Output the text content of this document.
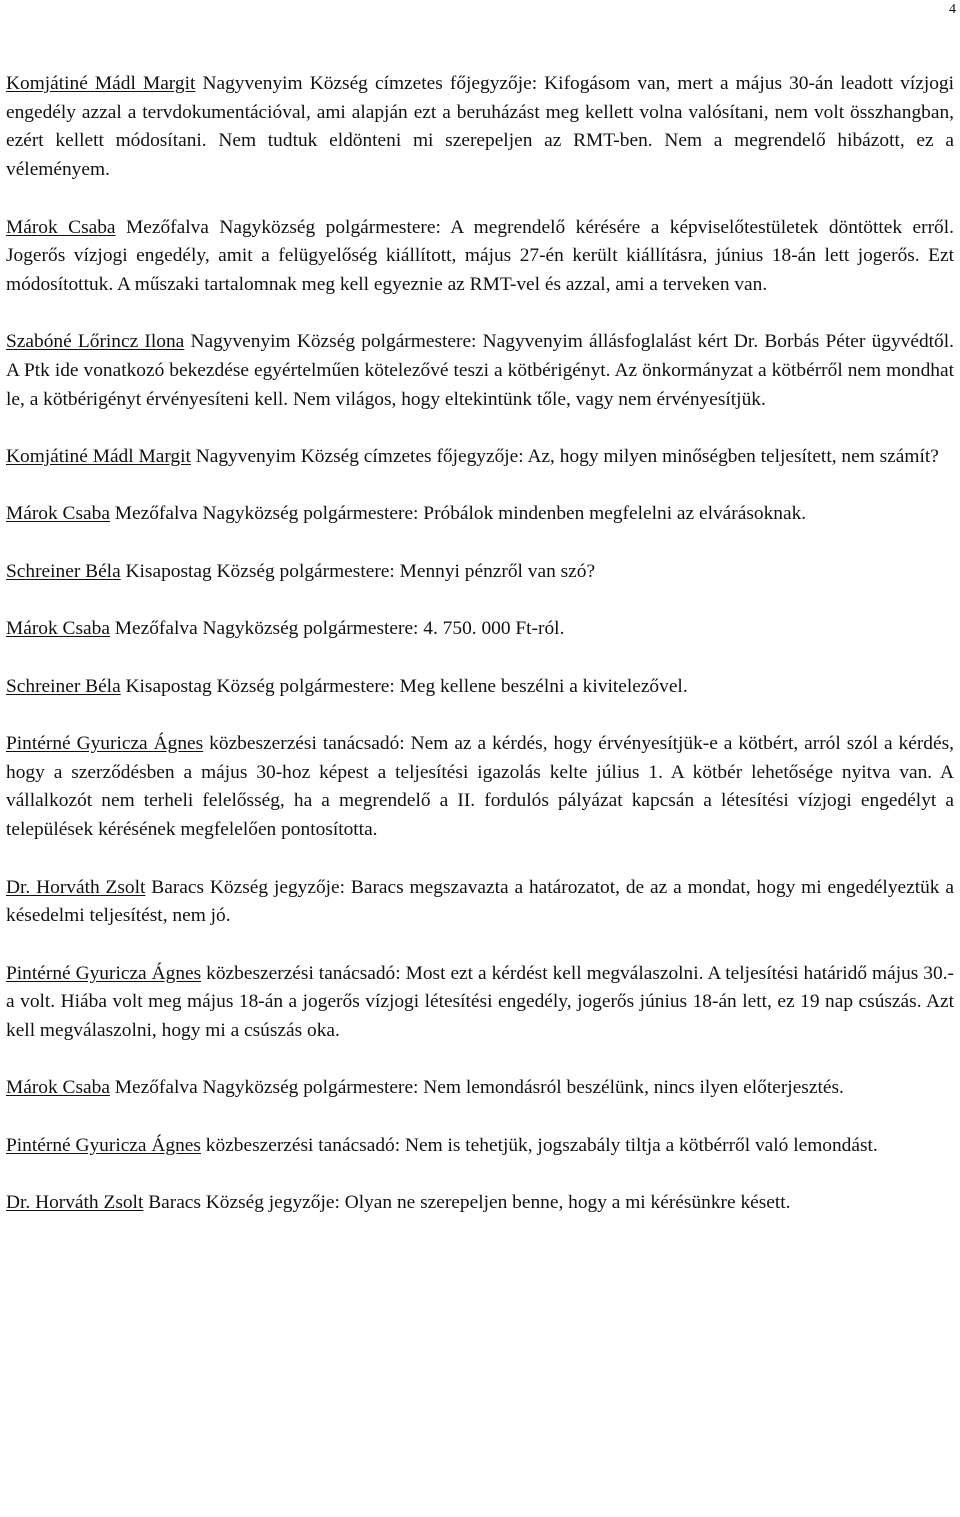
4

Komjátiné Mádl Margit Nagyvenyim Község címzetes főjegyzője: Kifogásom van, mert a május 30-án leadott vízjogi engedély azzal a tervdokumentációval, ami alapján ezt a beruházást meg kellett volna valósítani, nem volt összhangban, ezért kellett módosítani. Nem tudtuk eldönteni mi szerepeljen az RMT-ben. Nem a megrendelő hibázott, ez a véleményem.

Márok Csaba Mezőfalva Nagyközség polgármestere: A megrendelő kérésére a képviselőtestületek döntöttek erről. Jogerős vízjogi engedély, amit a felügyelőség kiállított, május 27-én került kiállításra, június 18-án lett jogerős. Ezt módosítottuk. A műszaki tartalomnak meg kell egyeznie az RMT-vel és azzal, ami a terveken van.

Szabóné Lőrincz Ilona Nagyvenyim Község polgármestere: Nagyvenyim állásfoglalást kért Dr. Borbás Péter ügyvédtől. A Ptk ide vonatkozó bekezdése egyértelműen kötelezővé teszi a kötbérigényt. Az önkormányzat a kötbérről nem mondhat le, a kötbérigényt érvényesíteni kell. Nem világos, hogy eltekintünk tőle, vagy nem érvényesítjük.

Komjátiné Mádl Margit Nagyvenyim Község címzetes főjegyzője: Az, hogy milyen minőségben teljesített, nem számít?

Márok Csaba Mezőfalva Nagyközség polgármestere: Próbálok mindenben megfelelni az elvárásoknak.

Schreiner Béla Kisapostag Község polgármestere: Mennyi pénzről van szó?

Márok Csaba Mezőfalva Nagyközség polgármestere: 4. 750. 000 Ft-ról.

Schreiner Béla Kisapostag Község polgármestere: Meg kellene beszélni a kivitelezővel.

Pintérné Gyuricza Ágnes közbeszerzési tanácsadó: Nem az a kérdés, hogy érvényesítjük-e a kötbért, arról szól a kérdés, hogy a szerződésben a május 30-hoz képest a teljesítési igazolás kelte július 1. A kötbér lehetősége nyitva van. A vállalkozót nem terheli felelősség, ha a megrendelő a II. fordulós pályázat kapcsán a létesítési vízjogi engedélyt a települések kérésének megfelelően pontosította.

Dr. Horváth Zsolt Baracs Község jegyzője: Baracs megszavazta a határozatot, de az a mondat, hogy mi engedélyeztük a késedelmi teljesítést, nem jó.

Pintérné Gyuricza Ágnes közbeszerzési tanácsadó: Most ezt a kérdést kell megválaszolni. A teljesítési határidő május 30.-a volt. Hiába volt meg május 18-án a jogerős vízjogi létesítési engedély, jogerős június 18-án lett, ez 19 nap csúszás. Azt kell megválaszolni, hogy mi a csúszás oka.

Márok Csaba Mezőfalva Nagyközség polgármestere: Nem lemondásról beszélünk, nincs ilyen előterjesztés.

Pintérné Gyuricza Ágnes közbeszerzési tanácsadó: Nem is tehetjük, jogszabály tiltja a kötbérről való lemondást.

Dr. Horváth Zsolt Baracs Község jegyzője: Olyan ne szerepeljen benne, hogy a mi kérésünkre késett.
